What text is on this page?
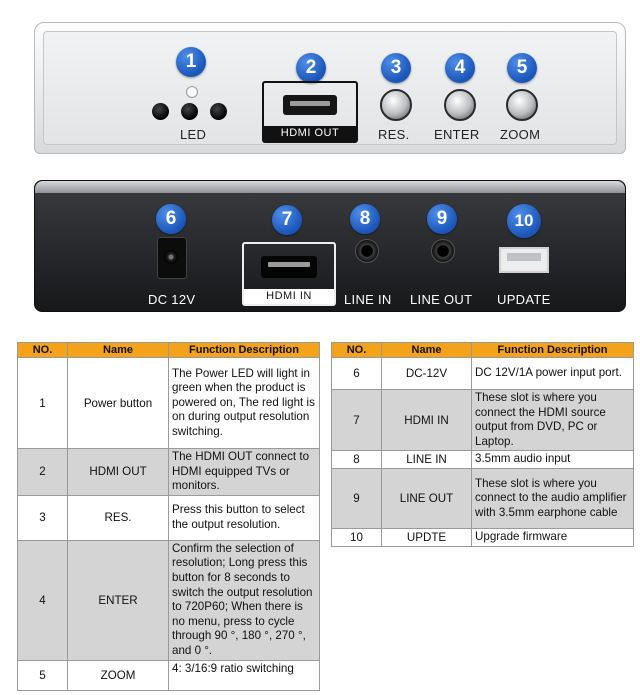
1
LED
2
HDMI OUT
3
RES.
4
ENTER
5
ZOOM
6
DC 12V
7
HDMI IN
8
LINE IN
9
LINE OUT
10
UPDATE
NO.	Name	Function Description
1	Power button	The Power LED will light in green when the product is powered on, The red light is on during output resolution switching.
2	HDMI OUT	The HDMI OUT connect to HDMI equipped TVs or monitors.
3	RES.	Press this button to select the output resolution.
4	ENTER	Confirm the selection of resolution; Long press this button for 8 seconds to switch the output resolution to 720P60; When there is no menu, press to cycle through 90 °, 180 °, 270 °, and 0 °.
5	ZOOM	4: 3/16:9 ratio switching
NO.	Name	Function Description
6	DC-12V	DC 12V/1A power input port.
7	HDMI IN	These slot is where you connect the HDMI source output from DVD, PC or Laptop.
8	LINE IN	3.5mm audio input
9	LINE OUT	These slot is where you connect to the audio amplifier with 3.5mm earphone cable
10	UPDTE	Upgrade firmware
